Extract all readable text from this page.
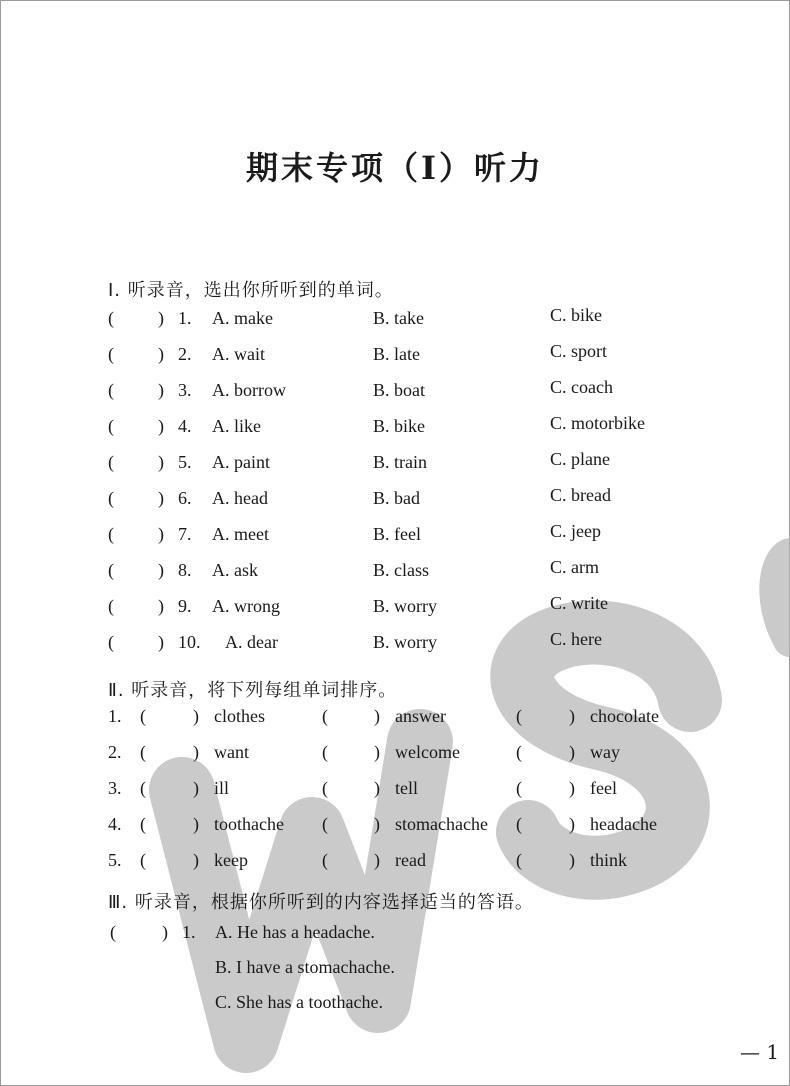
期末专项（I）听力
Ⅰ. 听录音，选出你所听到的单词。
( ) 1. A. make	B. take	C. bike
( ) 2. A. wait	B. late	C. sport
( ) 3. A. borrow	B. boat	C. coach
( ) 4. A. like	B. bike	C. motorbike
( ) 5. A. paint	B. train	C. plane
( ) 6. A. head	B. bad	C. bread
( ) 7. A. meet	B. feel	C. jeep
( ) 8. A. ask	B. class	C. arm
( ) 9. A. wrong	B. worry	C. write
( ) 10. A. dear	B. worry	C. here
Ⅱ. 听录音，将下列每组单词排序。
1. (	) clothes	(	) answer	(	) chocolate
2. (	) want	(	) welcome	(	) way
3. (	) ill	(	) tell	(	) feel
4. (	) toothache (	) stomachache (	) headache
5. (	) keep	(	) read	(	) think
Ⅲ. 听录音，根据你所听到的内容选择适当的答语。
(	) 1. A. He has a headache.
B. I have a stomachache.
C. She has a toothache.
— 1
